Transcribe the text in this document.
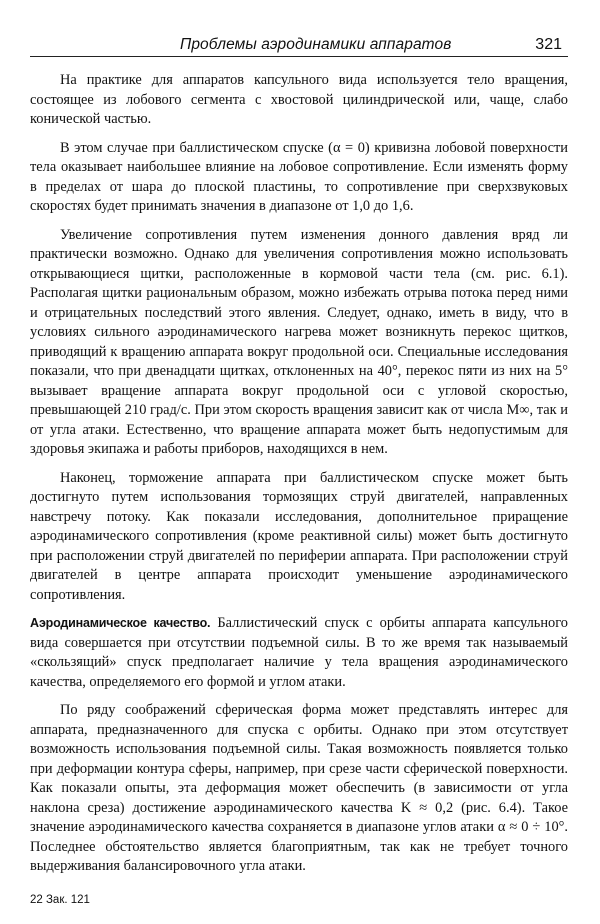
Проблемы аэродинамики аппаратов	321

На практике для аппаратов капсульного вида используется тело вращения, состоящее из лобового сегмента с хвостовой цилиндрической или, чаще, слабо конической частью.

В этом случае при баллистическом спуске (α = 0) кривизна лобовой поверхности тела оказывает наибольшее влияние на лобовое сопротивление. Если изменять форму в пределах от шара до плоской пластины, то сопротивление при сверхзвуковых скоростях будет принимать значения в диапазоне от 1,0 до 1,6.

Увеличение сопротивления путем изменения донного давления вряд ли практически возможно. Однако для увеличения сопротивления можно использовать открывающиеся щитки, расположенные в кормовой части тела (см. рис. 6.1). Располагая щитки рациональным образом, можно избежать отрыва потока перед ними и отрицательных последствий этого явления. Следует, однако, иметь в виду, что в условиях сильного аэродинамического нагрева может возникнуть перекос щитков, приводящий к вращению аппарата вокруг продольной оси. Специальные исследования показали, что при двенадцати щитках, отклоненных на 40°, перекос пяти из них на 5° вызывает вращение аппарата вокруг продольной оси с угловой скоростью, превышающей 210 град/с. При этом скорость вращения зависит как от числа M∞, так и от угла атаки. Естественно, что вращение аппарата может быть недопустимым для здоровья экипажа и работы приборов, находящихся в нем.

Наконец, торможение аппарата при баллистическом спуске может быть достигнуто путем использования тормозящих струй двигателей, направленных навстречу потоку. Как показали исследования, дополнительное приращение аэродинамического сопротивления (кроме реактивной силы) может быть достигнуто при расположении струй двигателей по периферии аппарата. При расположении струй двигателей в центре аппарата происходит уменьшение аэродинамического сопротивления.

Аэродинамическое качество. Баллистический спуск с орбиты аппарата капсульного вида совершается при отсутствии подъемной силы. В то же время так называемый «скользящий» спуск предполагает наличие у тела вращения аэродинамического качества, определяемого его формой и углом атаки.

По ряду соображений сферическая форма может представлять интерес для аппарата, предназначенного для спуска с орбиты. Однако при этом отсутствует возможность использования подъемной силы. Такая возможность появляется только при деформации контура сферы, например, при срезе части сферической поверхности. Как показали опыты, эта деформация может обеспечить (в зависимости от угла наклона среза) достижение аэродинамического качества K ≈ 0,2 (рис. 6.4). Такое значение аэродинамического качества сохраняется в диапазоне углов атаки α ≈ 0 ÷ 10°. Последнее обстоятельство является благоприятным, так как не требует точного выдерживания балансировочного угла атаки.

22 Зак. 121
